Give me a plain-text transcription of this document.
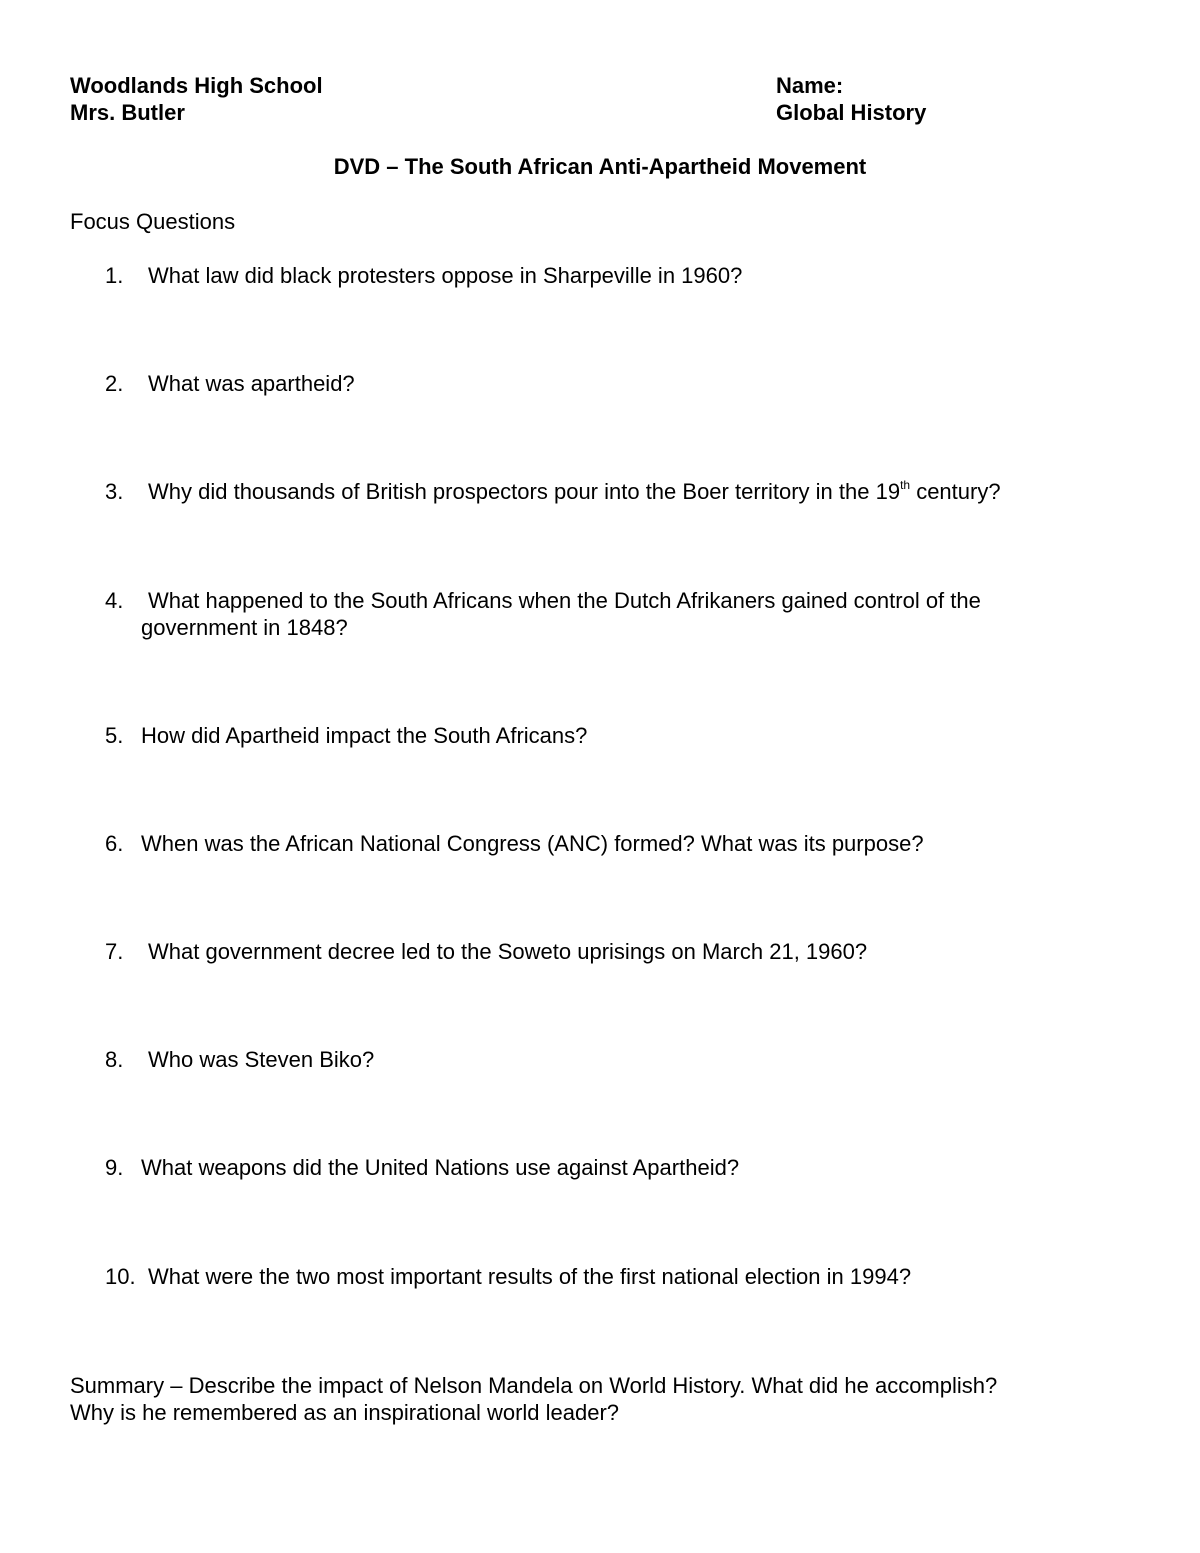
Woodlands High School
Mrs. Butler
Name:
Global History
DVD – The South African Anti-Apartheid Movement
Focus Questions
1. What law did black protesters oppose in Sharpeville in 1960?
2. What was apartheid?
3. Why did thousands of British prospectors pour into the Boer territory in the 19th century?
4. What happened to the South Africans when the Dutch Afrikaners gained control of the
government in 1848?
5. How did Apartheid impact the South Africans?
6. When was the African National Congress (ANC) formed? What was its purpose?
7. What government decree led to the Soweto uprisings on March 21, 1960?
8. Who was Steven Biko?
9. What weapons did the United Nations use against Apartheid?
10. What were the two most important results of the first national election in 1994?
Summary – Describe the impact of Nelson Mandela on World History. What did he accomplish?
Why is he remembered as an inspirational world leader?
